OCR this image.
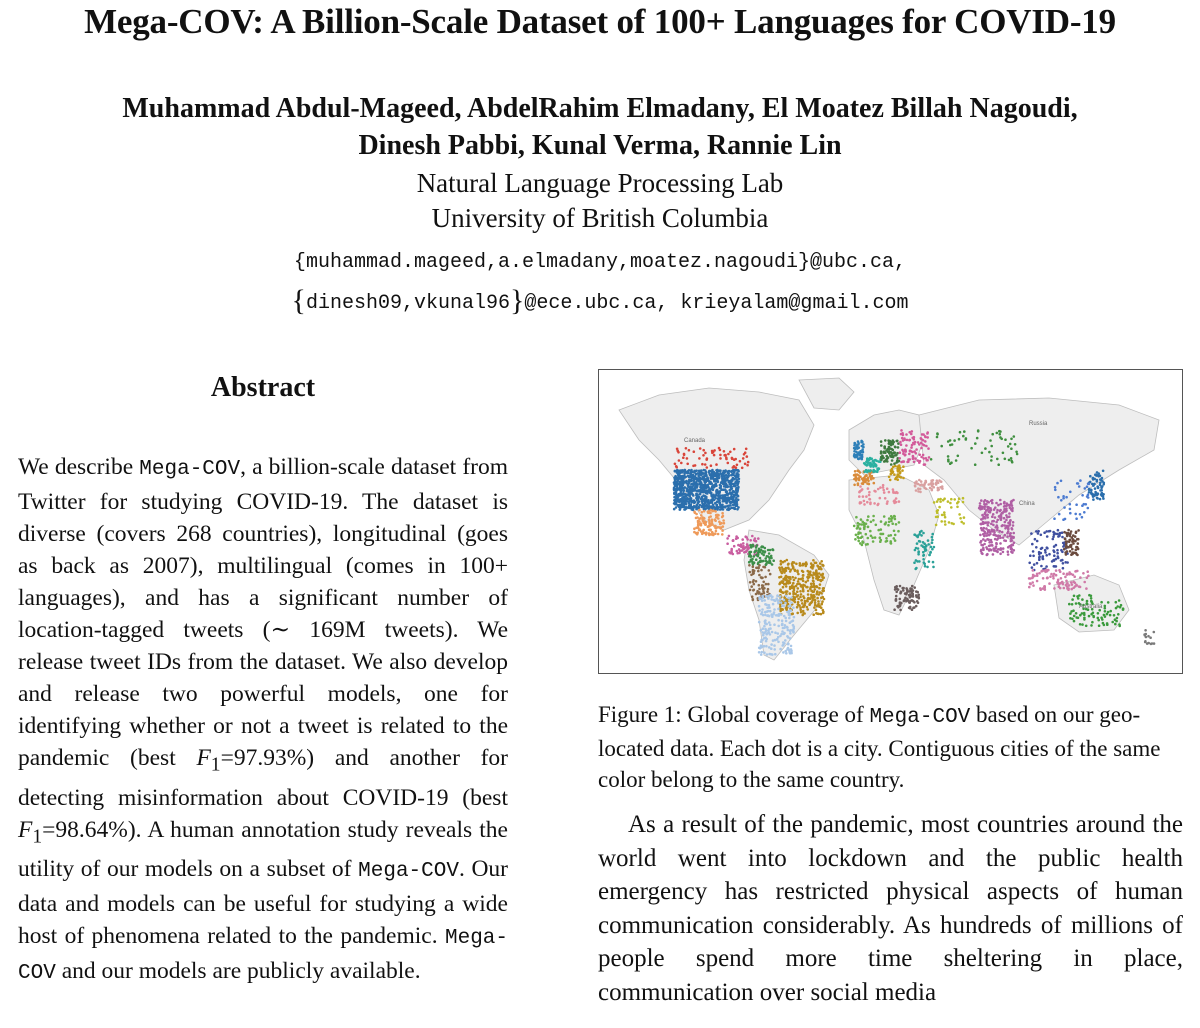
Mega-COV: A Billion-Scale Dataset of 100+ Languages for COVID-19
Muhammad Abdul-Mageed, AbdelRahim Elmadany, El Moatez Billah Nagoudi,
Dinesh Pabbi, Kunal Verma, Rannie Lin
Natural Language Processing Lab
University of British Columbia
{muhammad.mageed,a.elmadany,moatez.nagoudi}@ubc.ca,
{dinesh09,vkunal96}@ece.ubc.ca, krieyalam@gmail.com
Abstract
We describe Mega-COV, a billion-scale dataset from Twitter for studying COVID-19. The dataset is diverse (covers 268 countries), longitudinal (goes as back as 2007), multilingual (comes in 100+ languages), and has a significant number of location-tagged tweets (∼ 169M tweets). We release tweet IDs from the dataset. We also develop and release two powerful models, one for identifying whether or not a tweet is related to the pandemic (best $F_1=97.93\%$) and another for detecting misinformation about COVID-19 (best $F_1=98.64\%$). A human annotation study reveals the utility of our models on a subset of Mega-COV. Our data and models can be useful for studying a wide host of phenomena related to the pandemic. Mega-COV and our models are publicly available.
Canada
Russia
China
Australia
Figure 1: Global coverage of Mega-COV based on our geo-located data. Each dot is a city. Contiguous cities of the same color belong to the same country.
As a result of the pandemic, most countries around the world went into lockdown and the public health emergency has restricted physical aspects of human communication considerably. As hundreds of millions of people spend more time sheltering in place, communication over social media
